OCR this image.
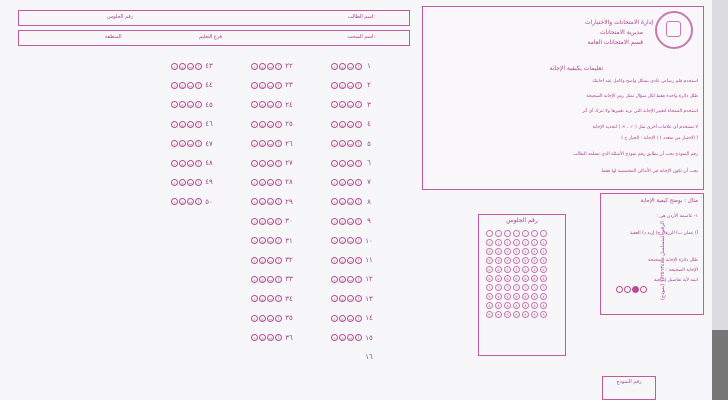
اسم الطالب:
رقم الجلوس
اسم المبحث:
فرع التعليم
المنطقة
١
أ
ب
ج
د
٢
أ
ب
ج
د
٣
أ
ب
ج
د
٤
أ
ب
ج
د
٥
أ
ب
ج
د
٦
أ
ب
ج
د
٧
أ
ب
ج
د
٨
أ
ب
ج
د
٩
أ
ب
ج
د
١٠
أ
ب
ج
د
١١
أ
ب
ج
د
١٢
أ
ب
ج
د
١٣
أ
ب
ج
د
١٤
أ
ب
ج
د
١٥
أ
ب
ج
د
٢٢
أ
ب
ج
د
٢٣
أ
ب
ج
د
٢٤
أ
ب
ج
د
٢٥
أ
ب
ج
د
٢٦
أ
ب
ج
د
٢٧
أ
ب
ج
د
٢٨
أ
ب
ج
د
٢٩
أ
ب
ج
د
٣٠
أ
ب
ج
د
٣١
أ
ب
ج
د
٣٢
أ
ب
ج
د
٣٣
أ
ب
ج
د
٣٤
أ
ب
ج
د
٣٥
أ
ب
ج
د
٣٦
أ
ب
ج
د
٤٣
أ
ب
ج
د
٤٤
أ
ب
ج
د
٤٥
أ
ب
ج
د
٤٦
أ
ب
ج
د
٤٧
أ
ب
ج
د
٤٨
أ
ب
ج
د
٤٩
أ
ب
ج
د
٥٠
أ
ب
ج
د
١٦
إدارة الامتحانات والاختبارات
مديرية الامتحانات
قسم الامتحانات العامة
تعليمات بكيفية الإجابة
استخدم قلم رصاص عادي بشكل واضح وكامل عند اجابتك
ظلل دائرة واحدة فقط لكل سؤال تمثل رمز الإجابة الصحيحة
استخدم الممحاة لتغيير الإجابة التي تريد تغييرها ولا تترك أي أثر
لا تستخدم أي علامات أخرى مثل ( ✓ ، × ) لتحديد الإجابة
( الاختيار من متعدد ) ( الإجابة : الخيار ج )
رقم النموذج يجب أن يطابق رقم نموذج الأسئلة الذي تسلمه الطالب
يجب أن تكون الإجابة في الأماكن المخصصة لها فقط
مثال : يوضح كيفية الإجابة
١- عاصمة الأردن هي :
أ) عمان ب) الزرقاء ج) إربد د) العقبة
ظلل دائرة الإجابة الصحيحة
الإجابة الصحيحة :
انتبه لأية تفاصيل إضافية
الرقم المتسلسل : ١٧٢٥٦٣٤٨ (نموذج)
رقم الجلوس
٠	٠	٠	٠	٠	٠	٠
١	١	١	١	١	١	١
٢	٢	٢	٢	٢	٢	٢
٣	٣	٣	٣	٣	٣	٣
٤	٤	٤	٤	٤	٤	٤
٥	٥	٥	٥	٥	٥	٥
٦	٦	٦	٦	٦	٦	٦
٧	٧	٧	٧	٧	٧	٧
٨	٨	٨	٨	٨	٨	٨
٩	٩	٩	٩	٩	٩	٩
رقم النموذج
